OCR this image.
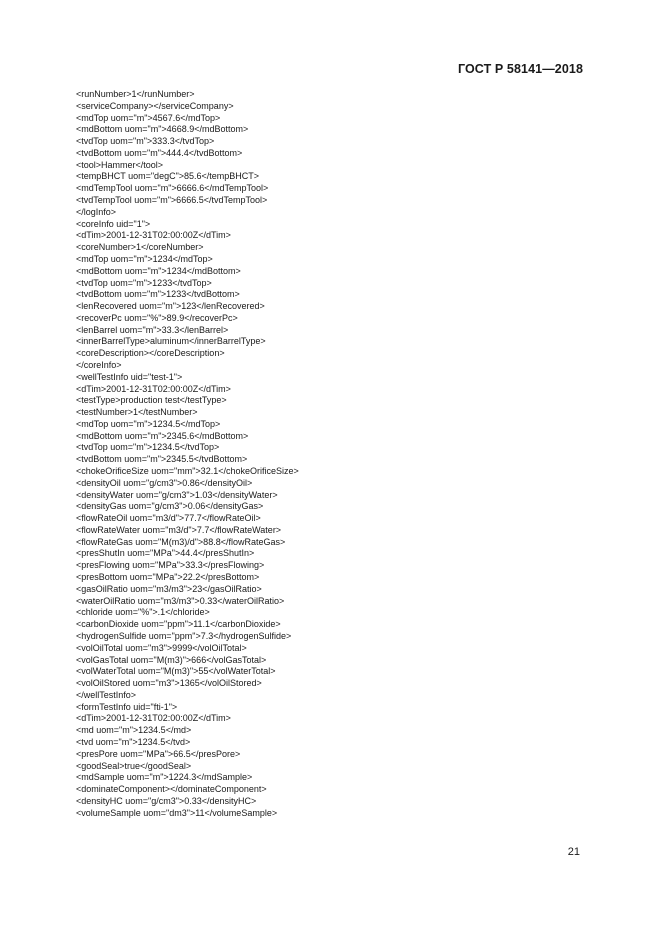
ГОСТ Р 58141—2018
<runNumber>1</runNumber>
<serviceCompany></serviceCompany>
<mdTop uom="m">4567.6</mdTop>
<mdBottom uom="m">4668.9</mdBottom>
<tvdTop uom="m">333.3</tvdTop>
<tvdBottom uom="m">444.4</tvdBottom>
<tool>Hammer</tool>
<tempBHCT uom="degC">85.6</tempBHCT>
<mdTempTool uom="m">6666.6</mdTempTool>
<tvdTempTool uom="m">6666.5</tvdTempTool>
</logInfo>
<coreInfo uid="1">
<dTim>2001-12-31T02:00:00Z</dTim>
<coreNumber>1</coreNumber>
<mdTop uom="m">1234</mdTop>
<mdBottom uom="m">1234</mdBottom>
<tvdTop uom="m">1233</tvdTop>
<tvdBottom uom="m">1233</tvdBottom>
<lenRecovered uom="m">123</lenRecovered>
<recoverPc uom="%">89.9</recoverPc>
<lenBarrel uom="m">33.3</lenBarrel>
<innerBarrelType>aluminum</innerBarrelType>
<coreDescription></coreDescription>
</coreInfo>
<wellTestInfo uid="test-1">
<dTim>2001-12-31T02:00:00Z</dTim>
<testType>production test</testType>
<testNumber>1</testNumber>
<mdTop uom="m">1234.5</mdTop>
<mdBottom uom="m">2345.6</mdBottom>
<tvdTop uom="m">1234.5</tvdTop>
<tvdBottom uom="m">2345.5</tvdBottom>
<chokeOrificeSize uom="mm">32.1</chokeOrificeSize>
<densityOil uom="g/cm3">0.86</densityOil>
<densityWater uom="g/cm3">1.03</densityWater>
<densityGas uom="g/cm3">0.06</densityGas>
<flowRateOil uom="m3/d">77.7</flowRateOil>
<flowRateWater uom="m3/d">7.7</flowRateWater>
<flowRateGas uom="M(m3)/d">88.8</flowRateGas>
<presShutIn uom="MPa">44.4</presShutIn>
<presFlowing uom="MPa">33.3</presFlowing>
<presBottom uom="MPa">22.2</presBottom>
<gasOilRatio uom="m3/m3">23</gasOilRatio>
<waterOilRatio uom="m3/m3">0.33</waterOilRatio>
<chloride uom="%">.1</chloride>
<carbonDioxide uom="ppm">11.1</carbonDioxide>
<hydrogenSulfide uom="ppm">7.3</hydrogenSulfide>
<volOilTotal uom="m3">9999</volOilTotal>
<volGasTotal uom="M(m3)">666</volGasTotal>
<volWaterTotal uom="M(m3)">55</volWaterTotal>
<volOilStored uom="m3">1365</volOilStored>
</wellTestInfo>
<formTestInfo uid="fti-1">
<dTim>2001-12-31T02:00:00Z</dTim>
<md uom="m">1234.5</md>
<tvd uom="m">1234.5</tvd>
<presPore uom="MPa">66.5</presPore>
<goodSeal>true</goodSeal>
<mdSample uom="m">1224.3</mdSample>
<dominateComponent></dominateComponent>
<densityHC uom="g/cm3">0.33</densityHC>
<volumeSample uom="dm3">11</volumeSample>
21
